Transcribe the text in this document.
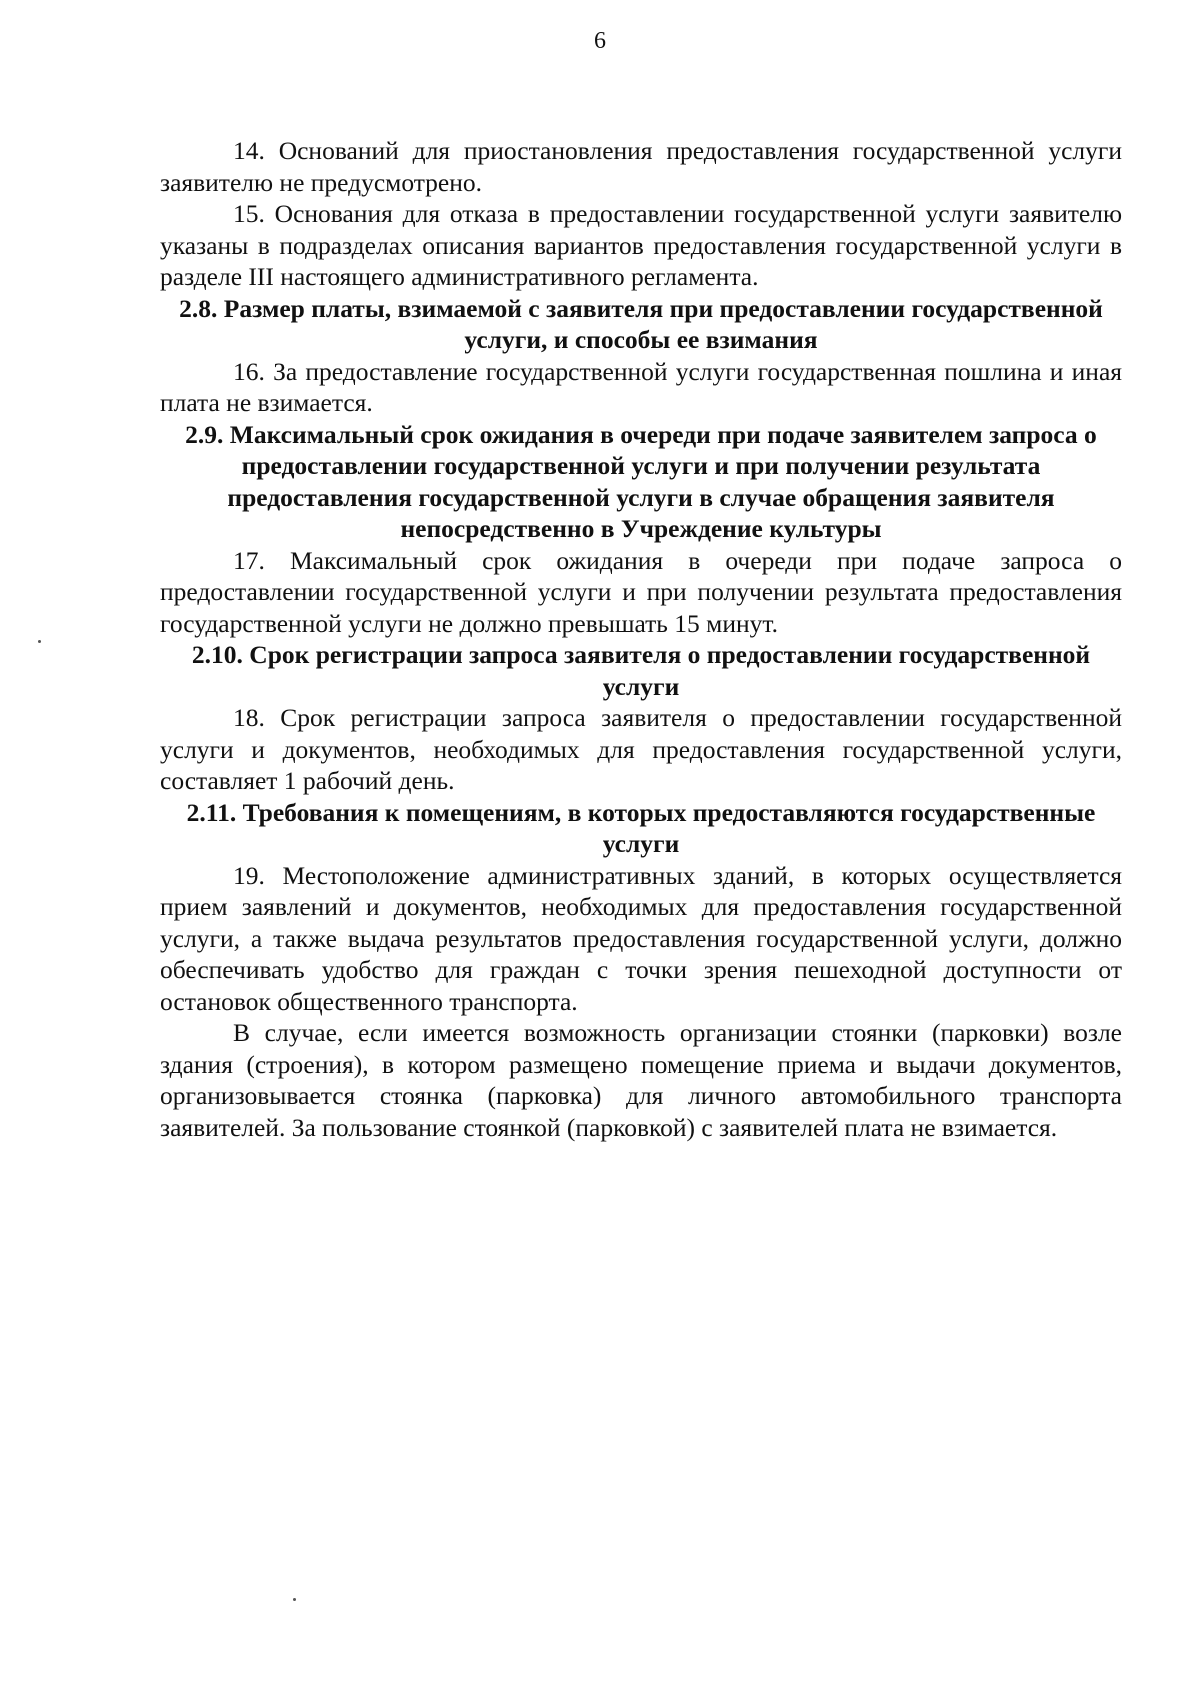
6

14. Оснований для приостановления предоставления государственной услуги заявителю не предусмотрено.

15. Основания для отказа в предоставлении государственной услуги заявителю указаны в подразделах описания вариантов предоставления государственной услуги в разделе III настоящего административного регламента.

2.8. Размер платы, взимаемой с заявителя при предоставлении государственной услуги, и способы ее взимания

16. За предоставление государственной услуги государственная пошлина и иная плата не взимается.

2.9. Максимальный срок ожидания в очереди при подаче заявителем запроса о предоставлении государственной услуги и при получении результата предоставления государственной услуги в случае обращения заявителя непосредственно в Учреждение культуры

17. Максимальный срок ожидания в очереди при подаче запроса о предоставлении государственной услуги и при получении результата предоставления государственной услуги не должно превышать 15 минут.

2.10. Срок регистрации запроса заявителя о предоставлении государственной услуги

18. Срок регистрации запроса заявителя о предоставлении государственной услуги и документов, необходимых для предоставления государственной услуги, составляет 1 рабочий день.

2.11. Требования к помещениям, в которых предоставляются государственные услуги

19. Местоположение административных зданий, в которых осуществляется прием заявлений и документов, необходимых для предоставления государственной услуги, а также выдача результатов предоставления государственной услуги, должно обеспечивать удобство для граждан с точки зрения пешеходной доступности от остановок общественного транспорта.

В случае, если имеется возможность организации стоянки (парковки) возле здания (строения), в котором размещено помещение приема и выдачи документов, организовывается стоянка (парковка) для личного автомобильного транспорта заявителей. За пользование стоянкой (парковкой) с заявителей плата не взимается.
